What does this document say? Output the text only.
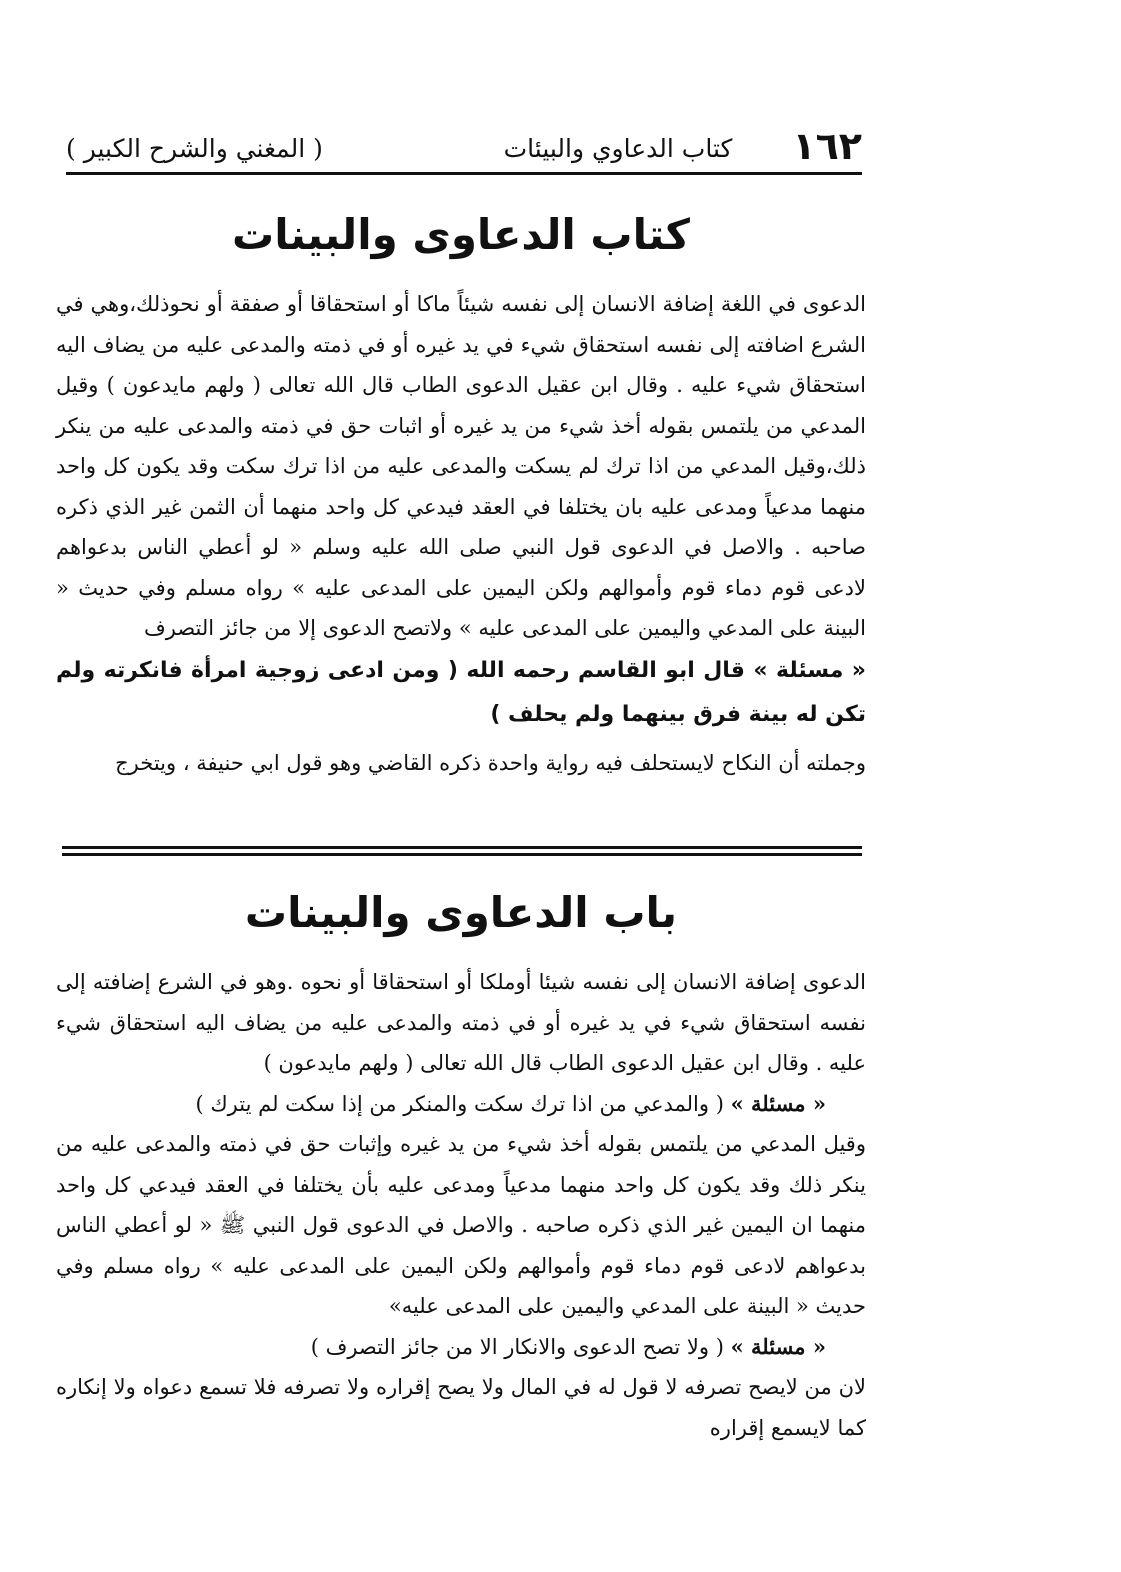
١٦٢
كتاب الدعاوي والبيئات
( المغني والشرح الكبير )
كتاب الدعاوى والبينات

الدعوى في اللغة إضافة الانسان إلى نفسه شيئاً ماكا أو استحقاقا أو صفقة أو نحوذلك،وهي في الشرع اضافته إلى نفسه استحقاق شيء في يد غيره أو في ذمته والمدعى عليه من يضاف اليه استحقاق شيء عليه . وقال ابن عقيل الدعوى الطاب قال الله تعالى ( ولهم مايدعون ) وقيل المدعي من يلتمس بقوله أخذ شيء من يد غيره أو اثبات حق في ذمته والمدعى عليه من ينكر ذلك،وقيل المدعي من اذا ترك لم يسكت والمدعى عليه من اذا ترك سكت وقد يكون كل واحد منهما مدعياً ومدعى عليه بان يختلفا في العقد فيدعي كل واحد منهما أن الثمن غير الذي ذكره صاحبه . والاصل في الدعوى قول النبي صلى الله عليه وسلم « لو أعطي الناس بدعواهم لادعى قوم دماء قوم وأموالهم ولكن اليمين على المدعى عليه » رواه مسلم وفي حديث « البينة على المدعي واليمين على المدعى عليه » ولاتصح الدعوى إلا من جائز التصرف

« مسئلة » قال ابو القاسم رحمه الله ( ومن ادعى زوجية امرأة فانكرته ولم تكن له بينة فرق بينهما ولم يحلف )

وجملته أن النكاح لايستحلف فيه رواية واحدة ذكره القاضي وهو قول ابي حنيفة ، ويتخرج

باب الدعاوى والبينات

الدعوى إضافة الانسان إلى نفسه شيئا أوملكا أو استحقاقا أو نحوه .وهو في الشرع إضافته إلى نفسه استحقاق شيء في يد غيره أو في ذمته والمدعى عليه من يضاف اليه استحقاق شيء عليه . وقال ابن عقيل الدعوى الطاب قال الله تعالى ( ولهم مايدعون )

« مسئلة » ( والمدعي من اذا ترك سكت والمنكر من إذا سكت لم يترك )

وقيل المدعي من يلتمس بقوله أخذ شيء من يد غيره وإثبات حق في ذمته والمدعى عليه من ينكر ذلك وقد يكون كل واحد منهما مدعياً ومدعى عليه بأن يختلفا في العقد فيدعي كل واحد منهما ان اليمين غير الذي ذكره صاحبه . والاصل في الدعوى قول النبي ﷺ « لو أعطي الناس بدعواهم لادعى قوم دماء قوم وأموالهم ولكن اليمين على المدعى عليه » رواه مسلم وفي حديث « البينة على المدعي واليمين على المدعى عليه»

« مسئلة » ( ولا تصح الدعوى والانكار الا من جائز التصرف )

لان من لايصح تصرفه لا قول له في المال ولا يصح إقراره ولا تصرفه فلا تسمع دعواه ولا إنكاره كما لايسمع إقراره
